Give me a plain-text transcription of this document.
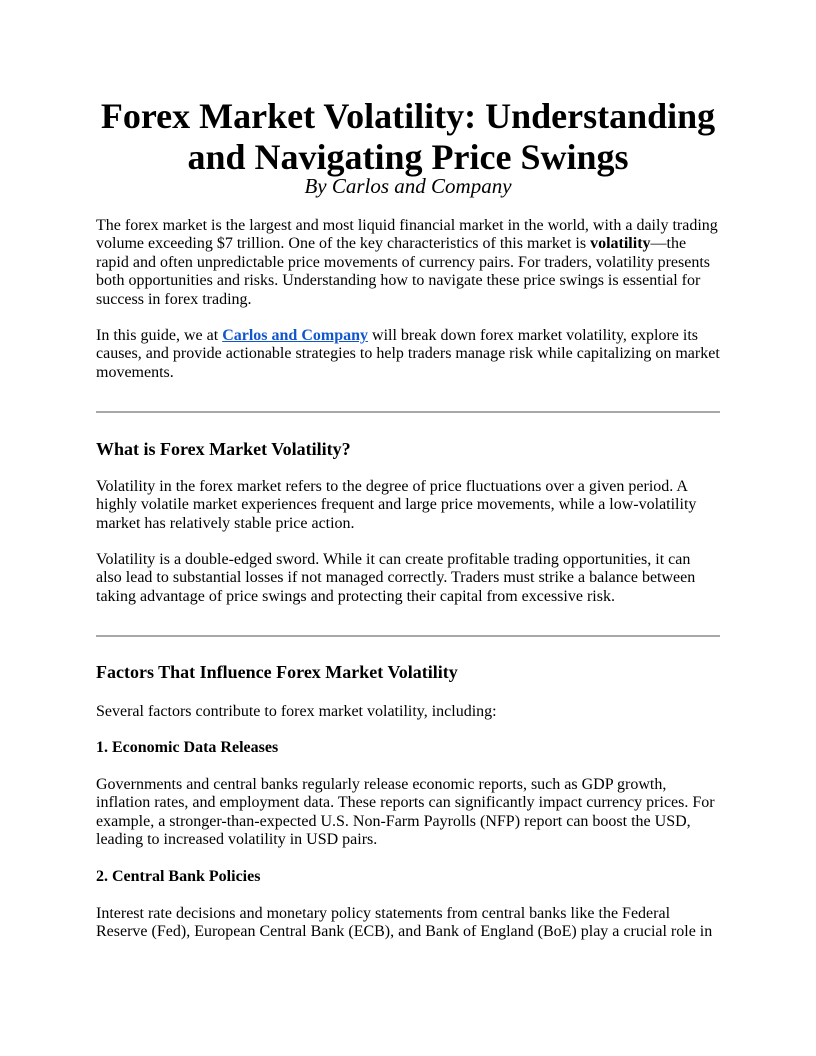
Forex Market Volatility: Understanding and Navigating Price Swings
By Carlos and Company

The forex market is the largest and most liquid financial market in the world, with a daily trading volume exceeding $7 trillion. One of the key characteristics of this market is volatility—the rapid and often unpredictable price movements of currency pairs. For traders, volatility presents both opportunities and risks. Understanding how to navigate these price swings is essential for success in forex trading.

In this guide, we at Carlos and Company will break down forex market volatility, explore its causes, and provide actionable strategies to help traders manage risk while capitalizing on market movements.

What is Forex Market Volatility?

Volatility in the forex market refers to the degree of price fluctuations over a given period. A highly volatile market experiences frequent and large price movements, while a low-volatility market has relatively stable price action.

Volatility is a double-edged sword. While it can create profitable trading opportunities, it can also lead to substantial losses if not managed correctly. Traders must strike a balance between taking advantage of price swings and protecting their capital from excessive risk.

Factors That Influence Forex Market Volatility

Several factors contribute to forex market volatility, including:

1. Economic Data Releases

Governments and central banks regularly release economic reports, such as GDP growth, inflation rates, and employment data. These reports can significantly impact currency prices. For example, a stronger-than-expected U.S. Non-Farm Payrolls (NFP) report can boost the USD, leading to increased volatility in USD pairs.

2. Central Bank Policies

Interest rate decisions and monetary policy statements from central banks like the Federal Reserve (Fed), European Central Bank (ECB), and Bank of England (BoE) play a crucial role in
